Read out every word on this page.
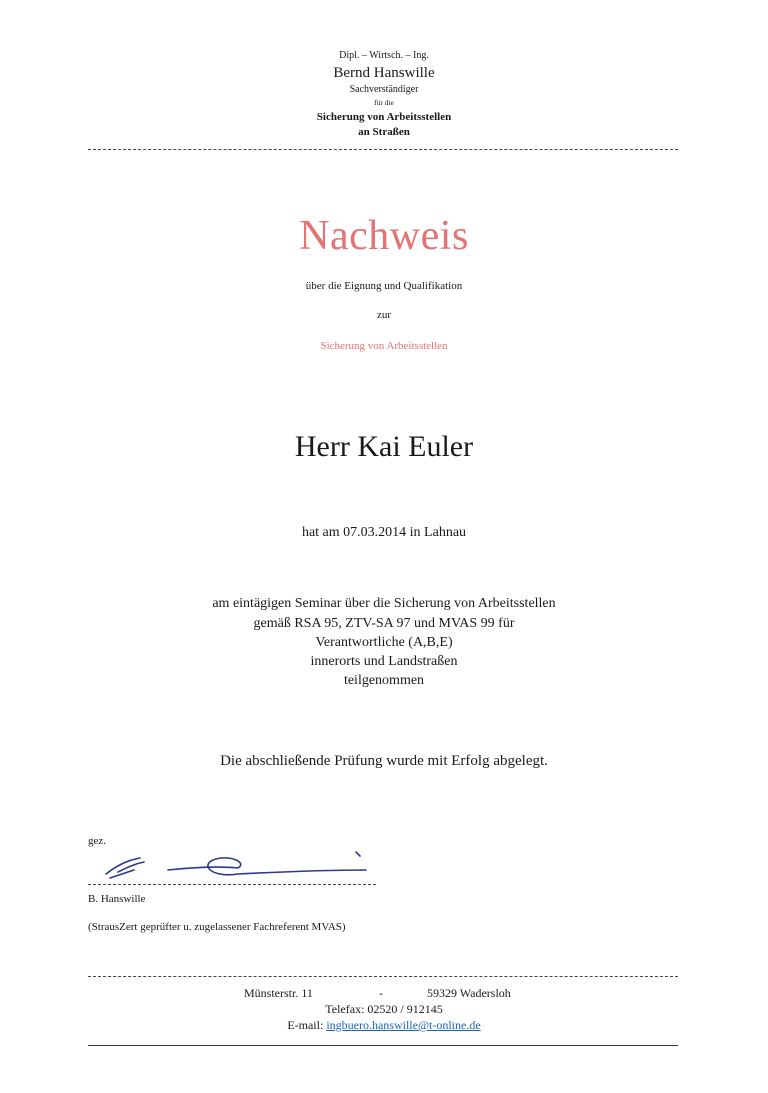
Dipl. – Wirtsch. – Ing.
Bernd Hanswille
Sachverständiger
für die
Sicherung von Arbeitsstellen
an Straßen
Nachweis
über die Eignung und Qualifikation
zur
Sicherung von Arbeitsstellen
Herr Kai Euler
hat am 07.03.2014 in Lahnau
am eintägigen Seminar über die Sicherung von Arbeitsstellen
gemäß RSA 95, ZTV-SA 97 und MVAS 99 für
Verantwortliche (A,B,E)
innerorts und Landstraßen
teilgenommen
Die abschließende Prüfung wurde mit Erfolg abgelegt.
gez.
B. Hanswille
(StrausZert geprüfter u. zugelassener Fachreferent MVAS)
Münsterstr. 11	-	59329 Wadersloh
Telefax: 02520 / 912145
E-mail: ingbuero.hanswille@t-online.de
